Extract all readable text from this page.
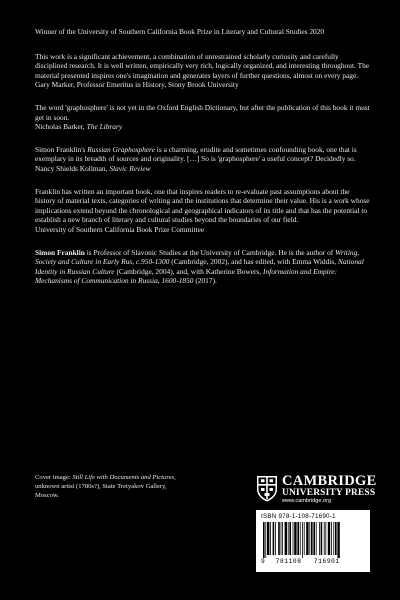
Winner of the University of Southern California Book Prize in Literary and Cultural Studies 2020

This work is a significant achievement, a combination of unrestrained scholarly curiosity and carefully disciplined research. It is well written, empirically very rich, logically organized, and interesting throughout. The material presented inspires one's imagination and generates layers of further questions, almost on every page.

Gary Marker, Professor Emeritus in History, Stony Brook University

The word 'graphosphere' is not yet in the Oxford English Dictionary, but after the publication of this book it must get in soon.

Nicholas Barker, The Library

Simon Franklin's Russian Graphosphere is a charming, erudite and sometimes confounding book, one that is exemplary in its breadth of sources and originality. […] So is 'graphosphere' a useful concept? Decidedly so.

Nancy Shields Kollman, Slavic Review

Franklin has written an important book, one that inspires readers to re-evaluate past assumptions about the history of material texts, categories of writing and the institutions that determine their value. His is a work whose implications extend beyond the chronological and geographical indicators of its title and that has the potential to establish a new branch of literary and cultural studies beyond the boundaries of our field.

University of Southern California Book Prize Committee

Simon Franklin is Professor of Slavonic Studies at the University of Cambridge. He is the author of Writing, Society and Culture in Early Rus, c.950-1300 (Cambridge, 2002), and has edited, with Emma Widdis, National Identity in Russian Culture (Cambridge, 2004), and, with Katherine Bowers, Information and Empire: Mechanisms of Communication in Russia, 1600-1850 (2017).

Cover image: Still Life with Documents and Pictures, unknown artist (1780s?), State Tretyakov Gallery, Moscow.
CAMBRIDGE
UNIVERSITY PRESS
www.cambridge.org
ISBN 978-1-108-71690-1
9 781108 716901
